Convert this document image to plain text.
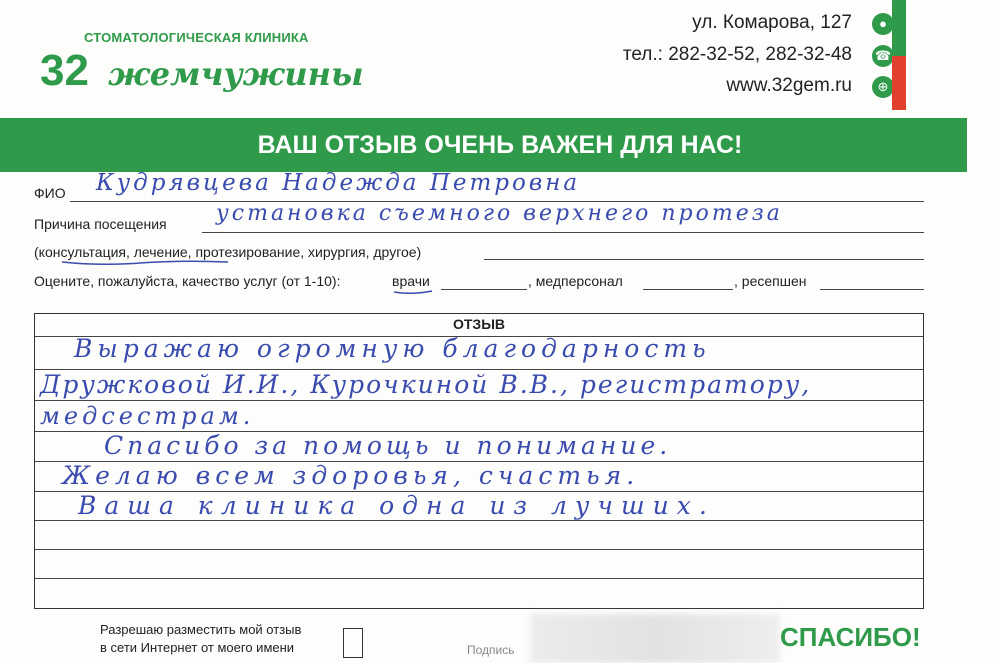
СТОМАТОЛОГИЧЕСКАЯ КЛИНИКА
32 жемчужины
ул. Комарова, 127	●
тел.: 282-32-52, 282-32-48 ☎
www.32gem.ru	⊕
ВАШ ОТЗЫВ ОЧЕНЬ ВАЖЕН ДЛЯ НАС!
ФИО Кудрявцева Надежда Петровна
Причина посещения установка съемного верхнего протеза
(консультация, лечение, протезирование, хирургия, другое)
Оцените, пожалуйста, качество услуг (от 1-10):	врачи	, медперсонал	, ресепшен
ОТЗЫВ
Выражаю огромную благодарность
Дружковой И.И., Курочкиной В.В., регистратору,
медсестрам.
Спасибо за помощь и понимание.
Желаю всем здоровья, счастья.
Ваша клиника одна из лучших.
Разрешаю разместить мой отзыв
в сети Интернет от моего имени	Подпись	СПАСИБО!
